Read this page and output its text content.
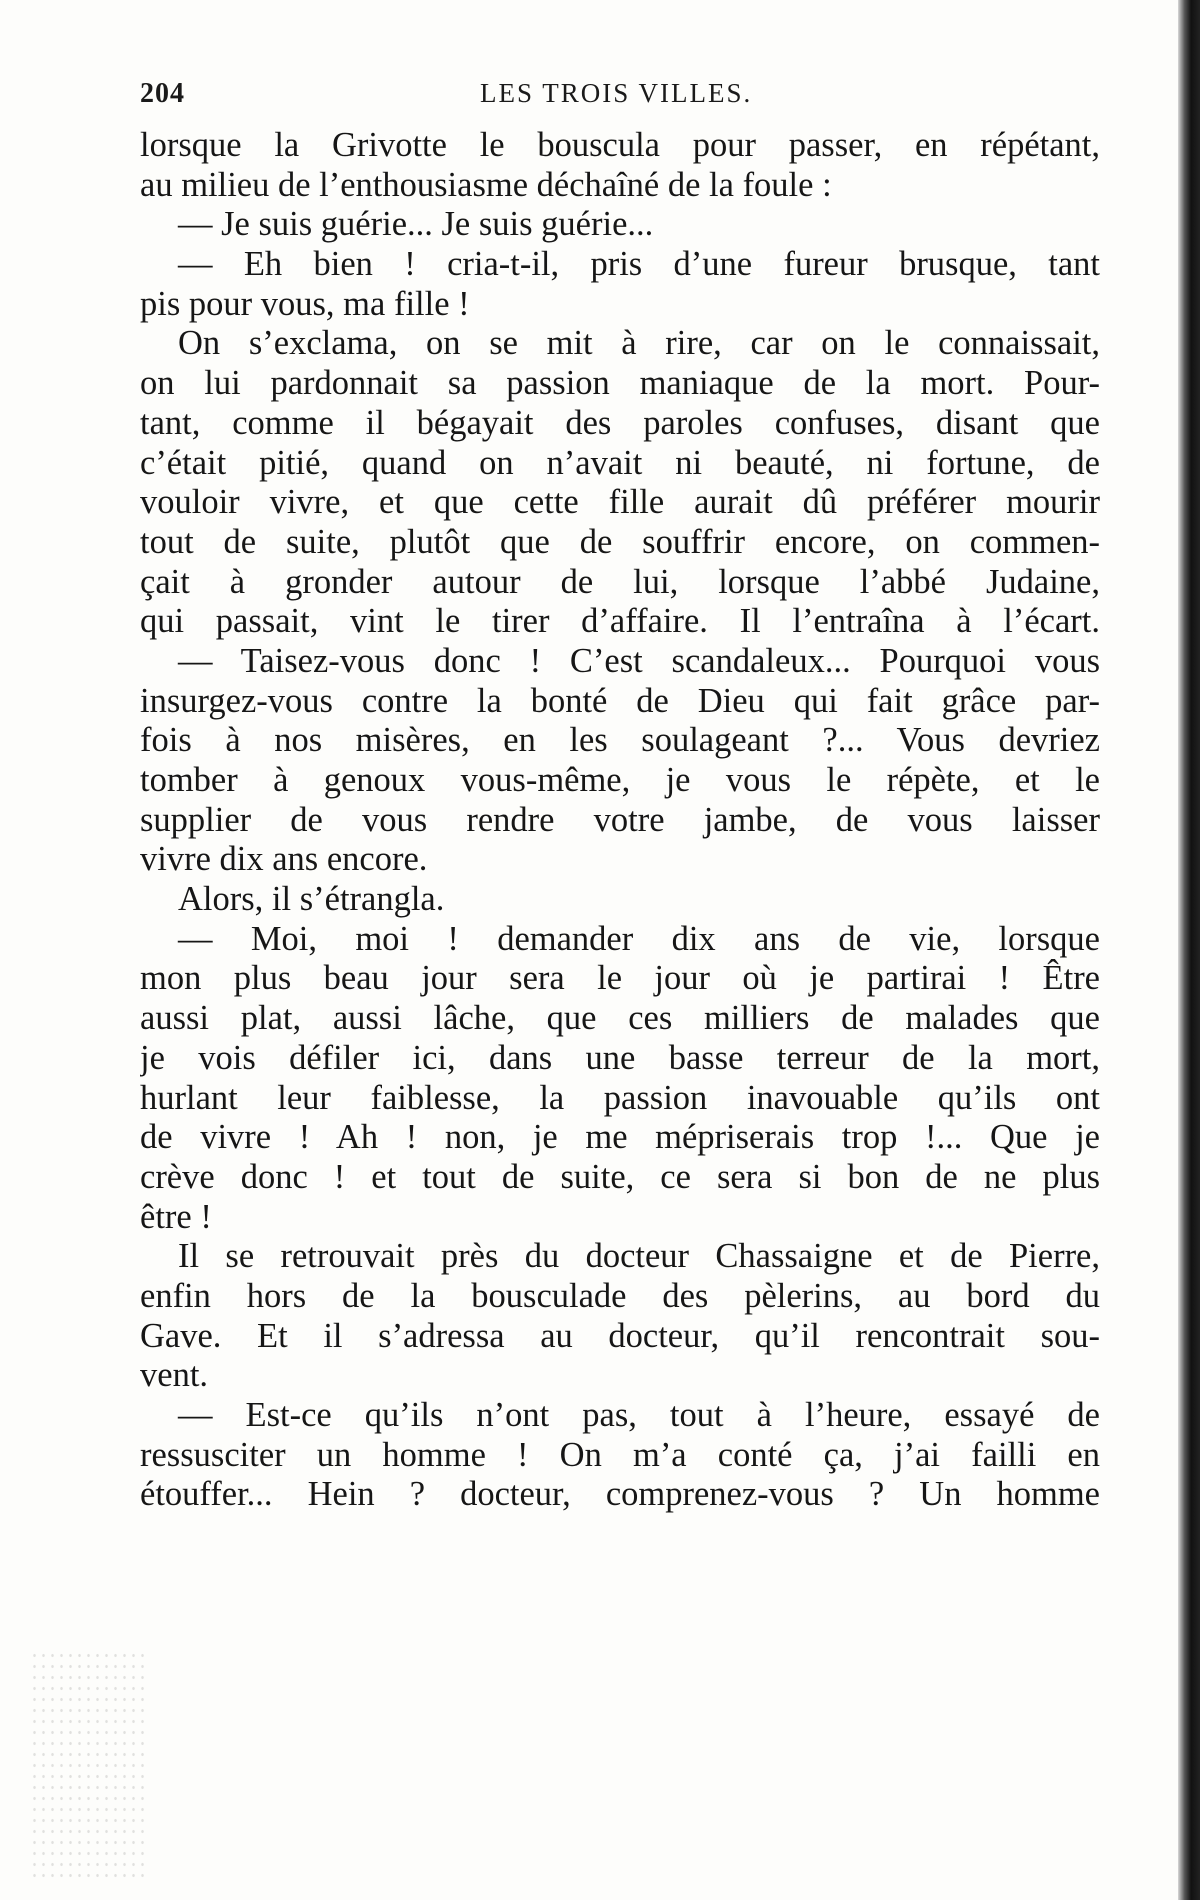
204	LES TROIS VILLES.
lorsque la Grivotte le bouscula pour passer, en répétant,
au milieu de l’enthousiasme déchaîné de la foule :
— Je suis guérie... Je suis guérie...
— Eh bien ! cria-t-il, pris d’une fureur brusque, tant
pis pour vous, ma fille !
On s’exclama, on se mit à rire, car on le connaissait,
on lui pardonnait sa passion maniaque de la mort. Pour-
tant, comme il bégayait des paroles confuses, disant que
c’était pitié, quand on n’avait ni beauté, ni fortune, de
vouloir vivre, et que cette fille aurait dû préférer mourir
tout de suite, plutôt que de souffrir encore, on commen-
çait à gronder autour de lui, lorsque l’abbé Judaine,
qui passait, vint le tirer d’affaire. Il l’entraîna à l’écart.
— Taisez-vous donc ! C’est scandaleux... Pourquoi vous
insurgez-vous contre la bonté de Dieu qui fait grâce par-
fois à nos misères, en les soulageant ?... Vous devriez
tomber à genoux vous-même, je vous le répète, et le
supplier de vous rendre votre jambe, de vous laisser
vivre dix ans encore.
Alors, il s’étrangla.
— Moi, moi ! demander dix ans de vie, lorsque
mon plus beau jour sera le jour où je partirai ! Être
aussi plat, aussi lâche, que ces milliers de malades que
je vois défiler ici, dans une basse terreur de la mort,
hurlant leur faiblesse, la passion inavouable qu’ils ont
de vivre ! Ah ! non, je me mépriserais trop !... Que je
crève donc ! et tout de suite, ce sera si bon de ne plus
être !
Il se retrouvait près du docteur Chassaigne et de Pierre,
enfin hors de la bousculade des pèlerins, au bord du
Gave. Et il s’adressa au docteur, qu’il rencontrait sou-
vent.
— Est-ce qu’ils n’ont pas, tout à l’heure, essayé de
ressusciter un homme ! On m’a conté ça, j’ai failli en
étouffer... Hein ? docteur, comprenez-vous ? Un homme
